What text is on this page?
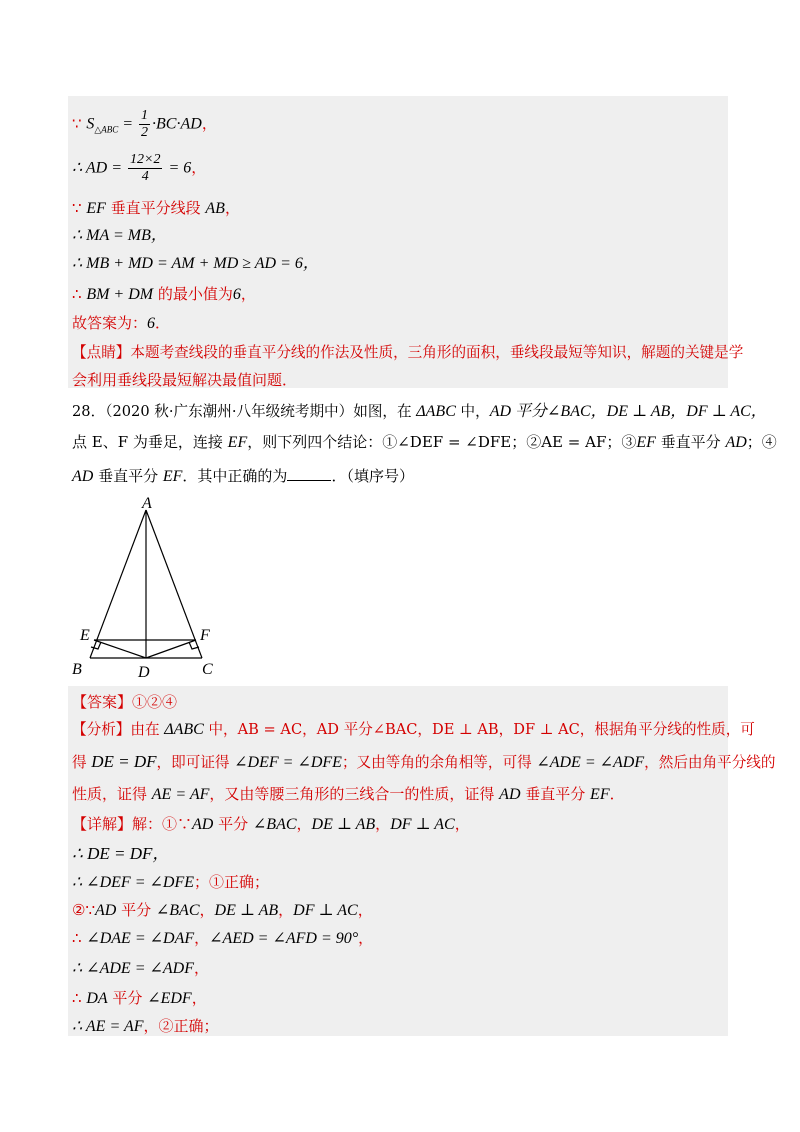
∵ $S_{\triangle ABC} = \frac{1}{2} \cdot BC\cdot AD$，
∴ AD = $\frac{12\times 2}{4} = 6$，
∵ EF 垂直平分线段 AB，
∴ MA = MB，
∴ MB + MD = AM + MD ≥ AD = 6，
∴ BM + DM 的最小值为6，
故答案为：6．
【点睛】本题考查线段的垂直平分线的作法及性质，三角形的面积，垂线段最短等知识，解题的关键是学
会利用垂线段最短解决最值问题．
28．（2020 秋·广东潮州·八年级统考期中）如图，在 ΔABC 中，AD 平分∠BAC，DE ⊥ AB，DF ⊥ AC，
点 E、F 为垂足，连接 EF，则下列四个结论：①∠DEF = ∠DFE；②AE = AF；③EF 垂直平分 AD；④
AD 垂直平分 EF．其中正确的为	．（填序号）
A
E	F
B	D	C
【答案】①②④
【分析】由在 ΔABC 中，AB = AC，AD 平分∠BAC，DE ⊥ AB，DF ⊥ AC，根据角平分线的性质，可
得 DE = DF，即可证得 ∠DEF = ∠DFE；又由等角的余角相等，可得 ∠ADE = ∠ADF，然后由角平分线的
性质，证得 AE = AF，又由等腰三角形的三线合一的性质，证得 AD 垂直平分 EF．
【详解】解：①∵AD 平分 ∠BAC，DE ⊥ AB，DF ⊥ AC，
∴ DE = DF，
∴ ∠DEF = ∠DFE；①正确；
②∵AD 平分 ∠BAC，DE ⊥ AB，DF ⊥ AC，
∴ ∠DAE = ∠DAF，∠AED = ∠AFD = 90°，
∴ ∠ADE = ∠ADF，
∴ DA 平分 ∠EDF，
∴ AE = AF，②正确；
